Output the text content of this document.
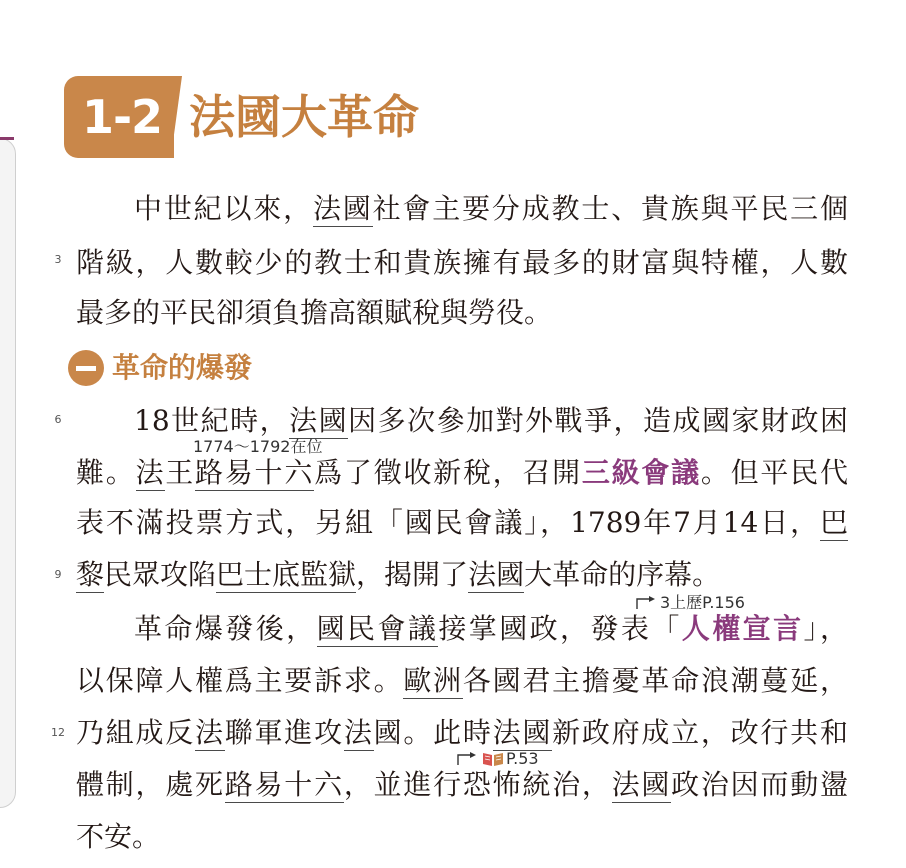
1-2 法國大革命
中世紀以來，法國社會主要分成教士、貴族與平民三個
3 階級，人數較少的教士和貴族擁有最多的財富與特權，人數
最多的平民卻須負擔高額賦稅與勞役。
革命的爆發
6	18世紀時，法國因多次參加對外戰爭，造成國家財政困
1774～1792在位
難。法王路易十六爲了徵收新稅，召開三級會議。但平民代
表不滿投票方式，另組「國民會議」，1789年7月14日，巴
9 黎民眾攻陷巴士底監獄，揭開了法國大革命的序幕。
3上歷P.156
革命爆發後，國民會議接掌國政，發表「人權宣言」，
以保障人權爲主要訴求。歐洲各國君主擔憂革命浪潮蔓延，
12 乃組成反法聯軍進攻法國。此時法國新政府成立，改行共和
P.53
體制，處死路易十六，並進行恐怖統治，法國政治因而動盪
不安。
